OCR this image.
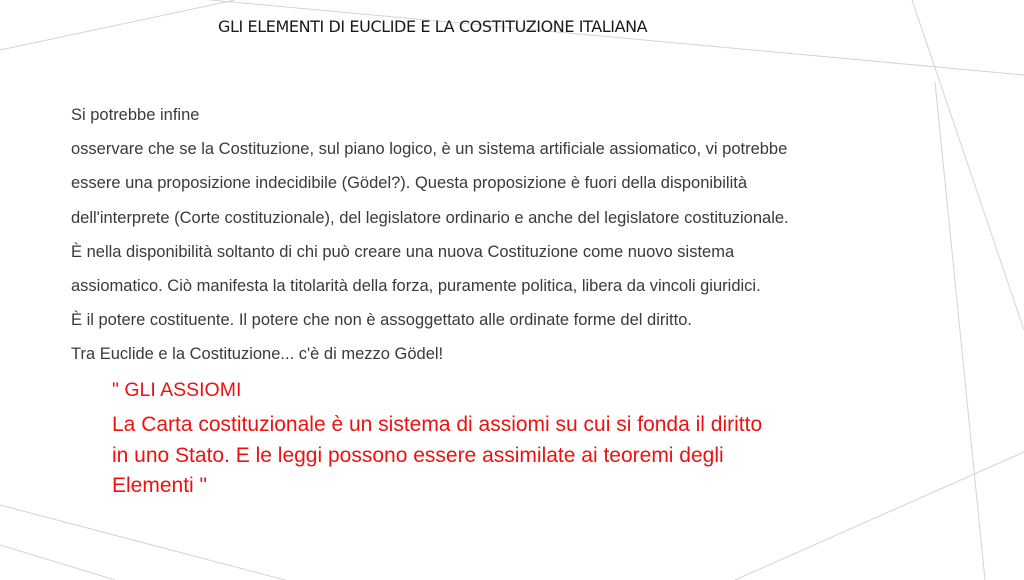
GLI ELEMENTI DI EUCLIDE E LA COSTITUZIONE ITALIANA
Si potrebbe infine
osservare che se la Costituzione, sul piano logico, è un sistema artificiale assiomatico, vi potrebbe
essere una proposizione indecidibile (Gödel?). Questa proposizione è fuori della disponibilità
dell'interprete (Corte costituzionale), del legislatore ordinario e anche del legislatore costituzionale.
È nella disponibilità soltanto di chi può creare una nuova Costituzione come nuovo sistema
assiomatico. Ciò manifesta la titolarità della forza, puramente politica, libera da vincoli giuridici.
È il potere costituente. Il potere che non è assoggettato alle ordinate forme del diritto.
Tra Euclide e la Costituzione... c'è di mezzo Gödel!
" GLI ASSIOMI
La Carta costituzionale è un sistema di assiomi su cui si fonda il diritto
in uno Stato. E le leggi possono essere assimilate ai teoremi degli
Elementi "
